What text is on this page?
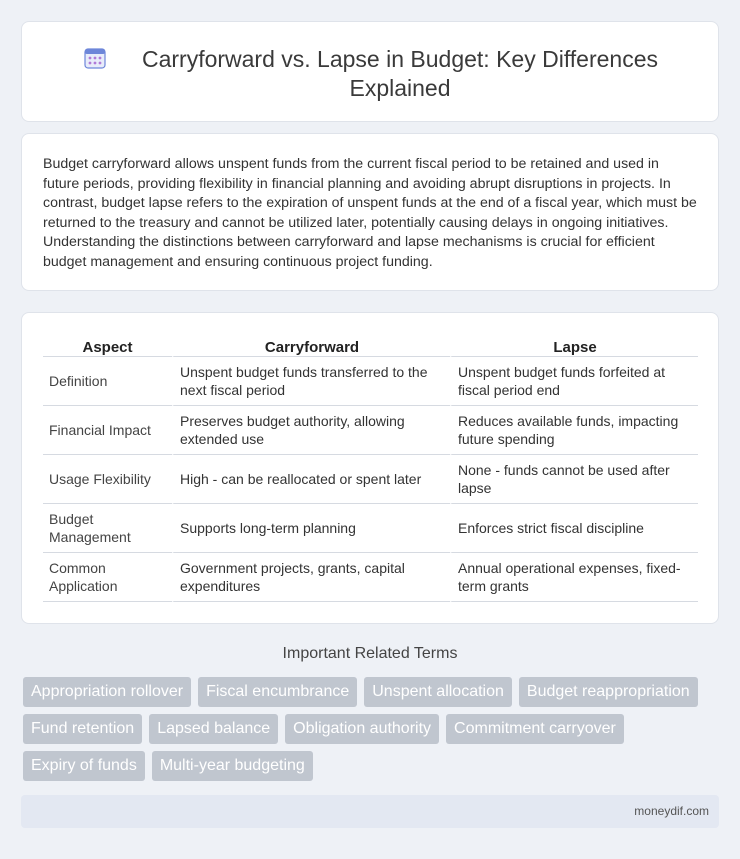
Carryforward vs. Lapse in Budget: Key Differences Explained

Budget carryforward allows unspent funds from the current fiscal period to be retained and used in future periods, providing flexibility in financial planning and avoiding abrupt disruptions in projects. In contrast, budget lapse refers to the expiration of unspent funds at the end of a fiscal year, which must be returned to the treasury and cannot be utilized later, potentially causing delays in ongoing initiatives. Understanding the distinctions between carryforward and lapse mechanisms is crucial for efficient budget management and ensuring continuous project funding.

Aspect	Carryforward	Lapse
Definition	Unspent budget funds transferred to the next fiscal period	Unspent budget funds forfeited at fiscal period end
Financial Impact	Preserves budget authority, allowing extended use	Reduces available funds, impacting future spending
Usage Flexibility	High - can be reallocated or spent later	None - funds cannot be used after lapse
Budget Management	Supports long-term planning	Enforces strict fiscal discipline
Common Application	Government projects, grants, capital expenditures	Annual operational expenses, fixed-term grants
Important Related Terms
Appropriation rollover	Fiscal encumbrance	Unspent allocation	Budget reappropriation
Fund retention	Lapsed balance	Obligation authority	Commitment carryover
Expiry of funds	Multi-year budgeting
moneydif.com
